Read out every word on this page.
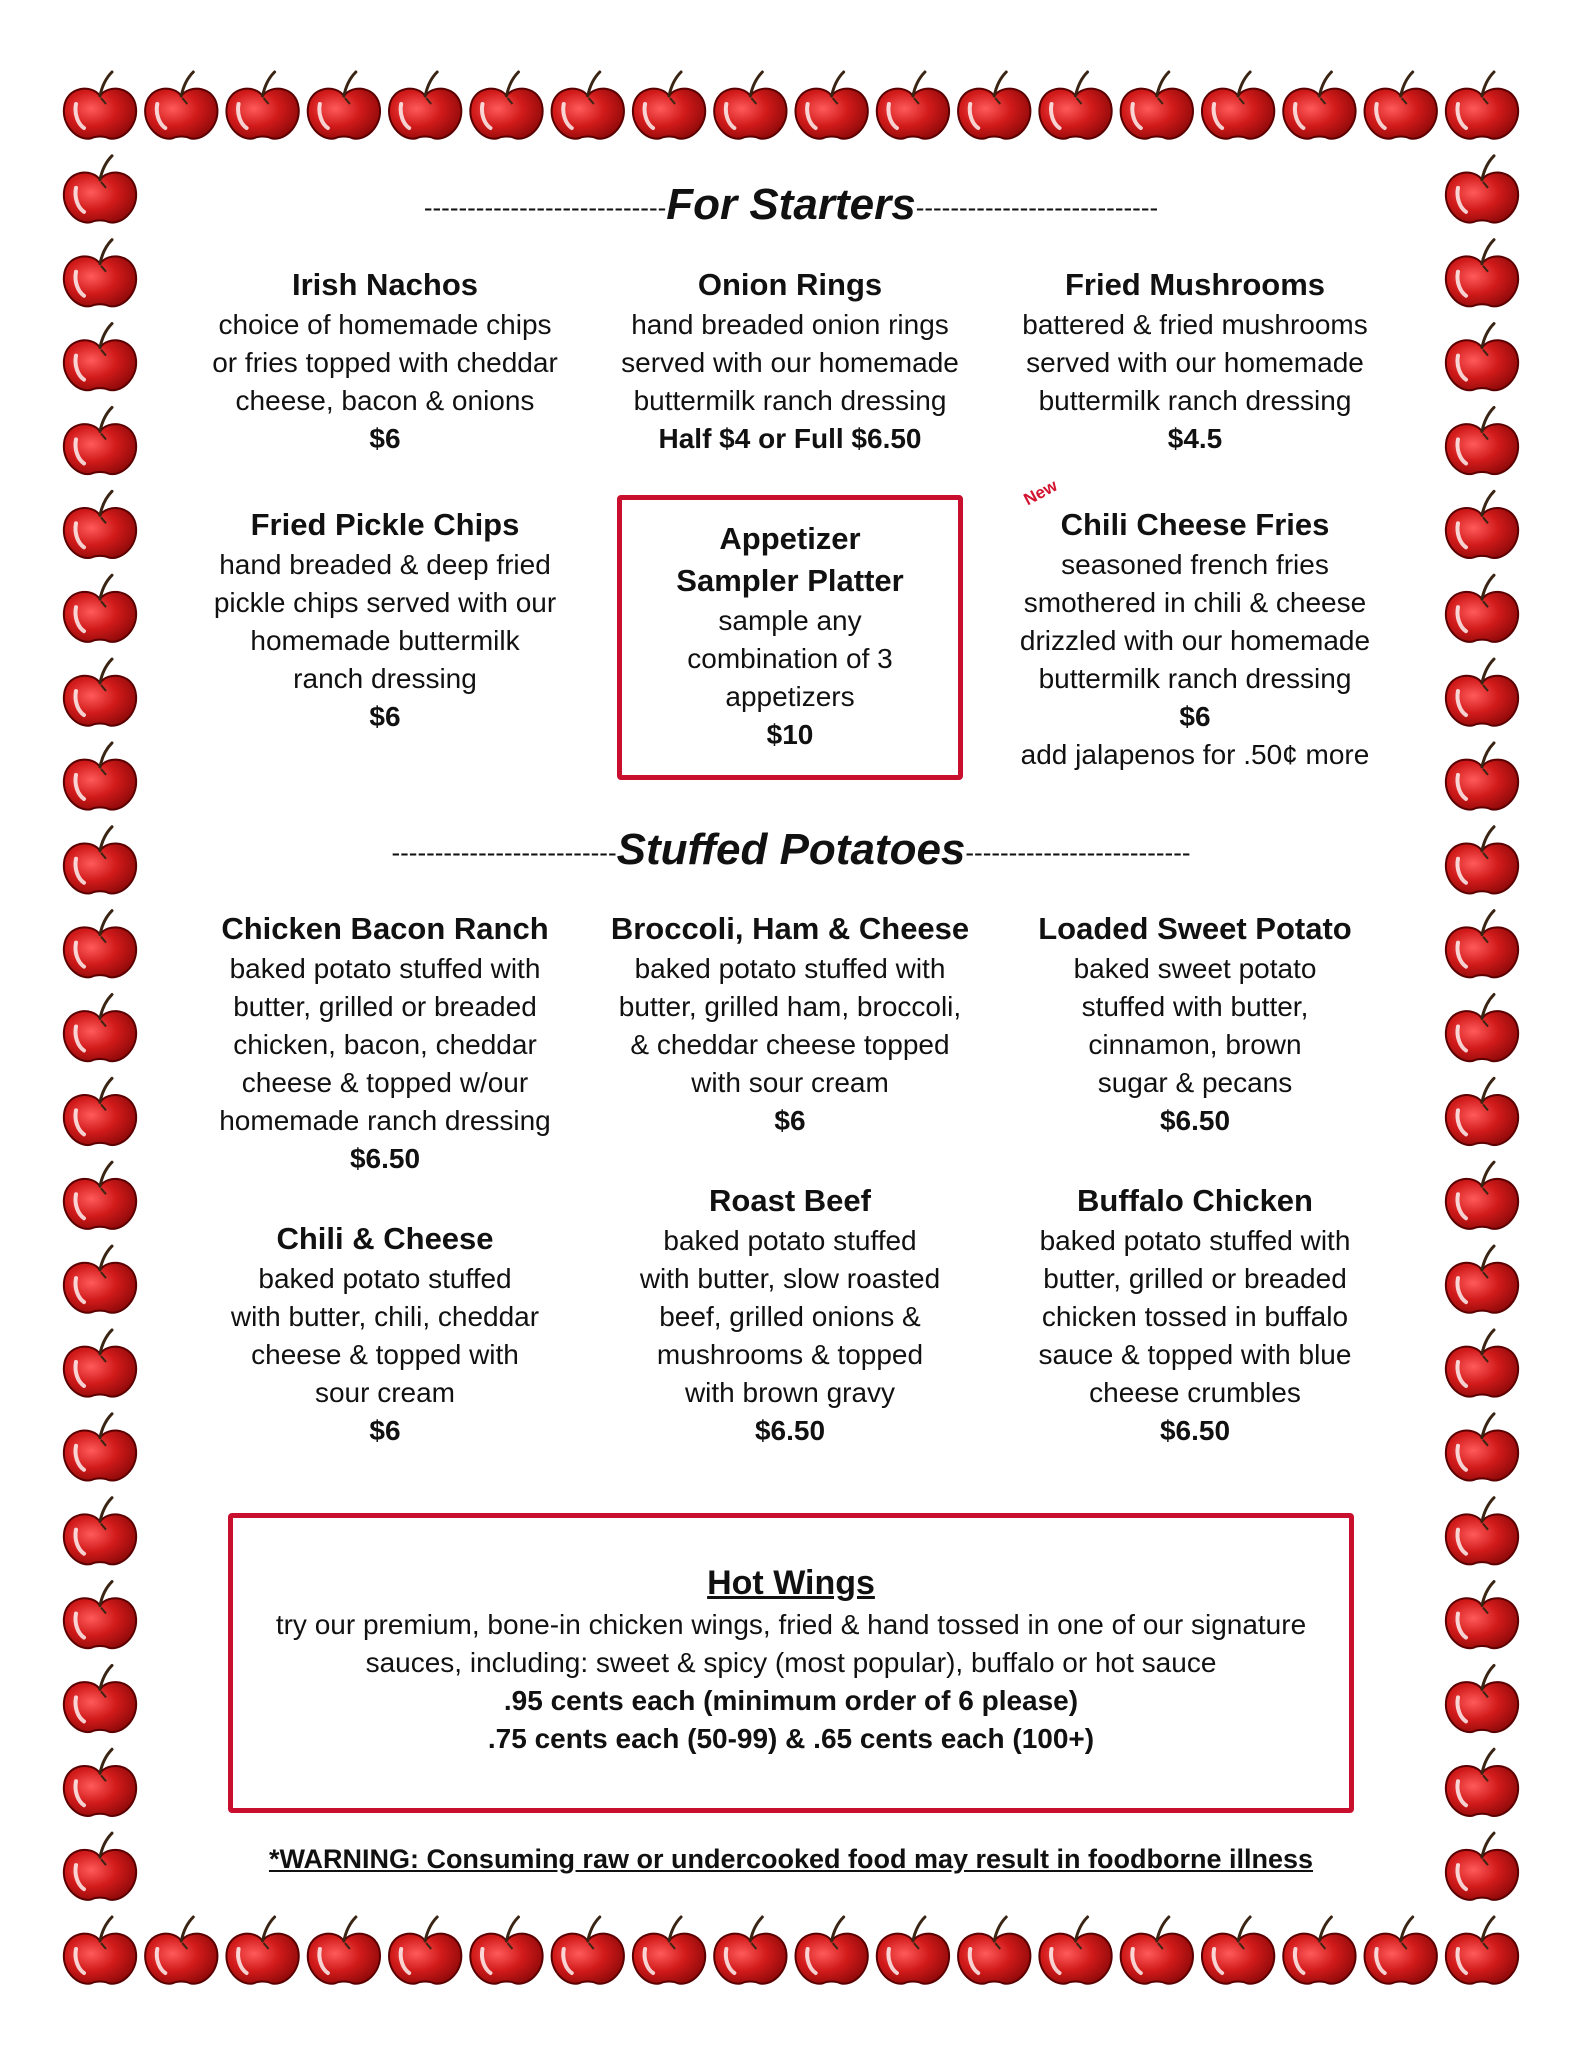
----------------------------For Starters----------------------------
Irish Nachos
choice of homemade chips
or fries topped with cheddar
cheese, bacon & onions
$6
Onion Rings
hand breaded onion rings
served with our homemade
buttermilk ranch dressing
Half $4 or Full $6.50
Fried Mushrooms
battered & fried mushrooms
served with our homemade
buttermilk ranch dressing
$4.5
Fried Pickle Chips
hand breaded & deep fried
pickle chips served with our
homemade buttermilk
ranch dressing
$6
Appetizer
Sampler Platter
sample any
combination of 3
appetizers
$10
New
Chili Cheese Fries
seasoned french fries
smothered in chili & cheese
drizzled with our homemade
buttermilk ranch dressing
$6
add jalapenos for .50¢ more
--------------------------Stuffed Potatoes--------------------------
Chicken Bacon Ranch
baked potato stuffed with
butter, grilled or breaded
chicken, bacon, cheddar
cheese & topped w/our
homemade ranch dressing
$6.50
Broccoli, Ham & Cheese
baked potato stuffed with
butter, grilled ham, broccoli,
& cheddar cheese topped
with sour cream
$6
Loaded Sweet Potato
baked sweet potato
stuffed with butter,
cinnamon, brown
sugar & pecans
$6.50
Chili & Cheese
baked potato stuffed
with butter, chili, cheddar
cheese & topped with
sour cream
$6
Roast Beef
baked potato stuffed
with butter, slow roasted
beef, grilled onions &
mushrooms & topped
with brown gravy
$6.50
Buffalo Chicken
baked potato stuffed with
butter, grilled or breaded
chicken tossed in buffalo
sauce & topped with blue
cheese crumbles
$6.50
Hot Wings
try our premium, bone-in chicken wings, fried & hand tossed in one of our signature
sauces, including: sweet & spicy (most popular), buffalo or hot sauce
.95 cents each (minimum order of 6 please)
.75 cents each (50-99) & .65 cents each (100+)
*WARNING: Consuming raw or undercooked food may result in foodborne illness
